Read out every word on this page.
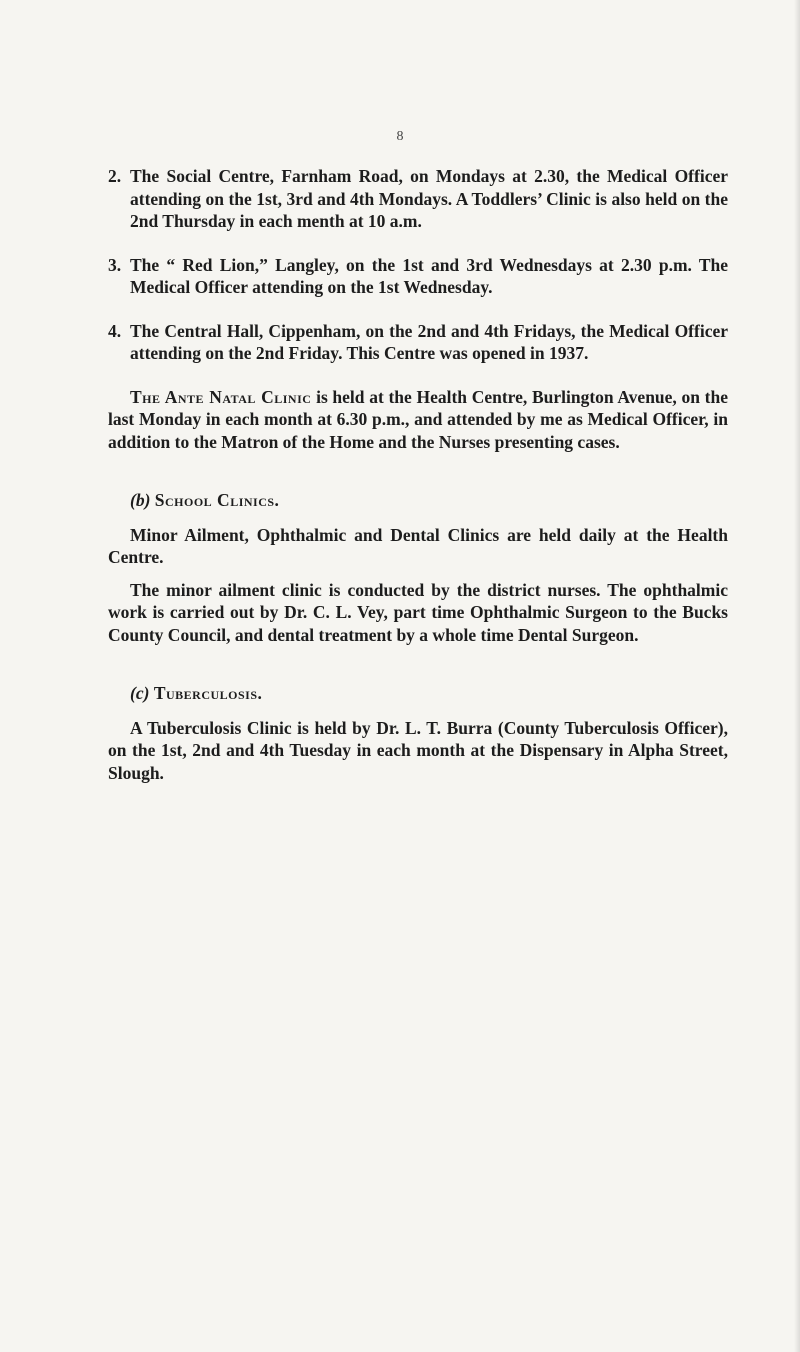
8

2. The Social Centre, Farnham Road, on Mondays at 2.30, the Medical Officer attending on the 1st, 3rd and 4th Mondays. A Toddlers’ Clinic is also held on the 2nd Thursday in each menth at 10 a.m.

3. The “ Red Lion,” Langley, on the 1st and 3rd Wednesdays at 2.30 p.m. The Medical Officer attending on the 1st Wednesday.

4. The Central Hall, Cippenham, on the 2nd and 4th Fridays, the Medical Officer attending on the 2nd Friday. This Centre was opened in 1937.

The Ante Natal Clinic is held at the Health Centre, Burlington Avenue, on the last Monday in each month at 6.30 p.m., and attended by me as Medical Officer, in addition to the Matron of the Home and the Nurses presenting cases.

(b) School Clinics.

Minor Ailment, Ophthalmic and Dental Clinics are held daily at the Health Centre.

The minor ailment clinic is conducted by the district nurses. The ophthalmic work is carried out by Dr. C. L. Vey, part time Ophthalmic Surgeon to the Bucks County Council, and dental treatment by a whole time Dental Surgeon.

(c) Tuberculosis.

A Tuberculosis Clinic is held by Dr. L. T. Burra (County Tuberculosis Officer), on the 1st, 2nd and 4th Tuesday in each month at the Dispensary in Alpha Street, Slough.
